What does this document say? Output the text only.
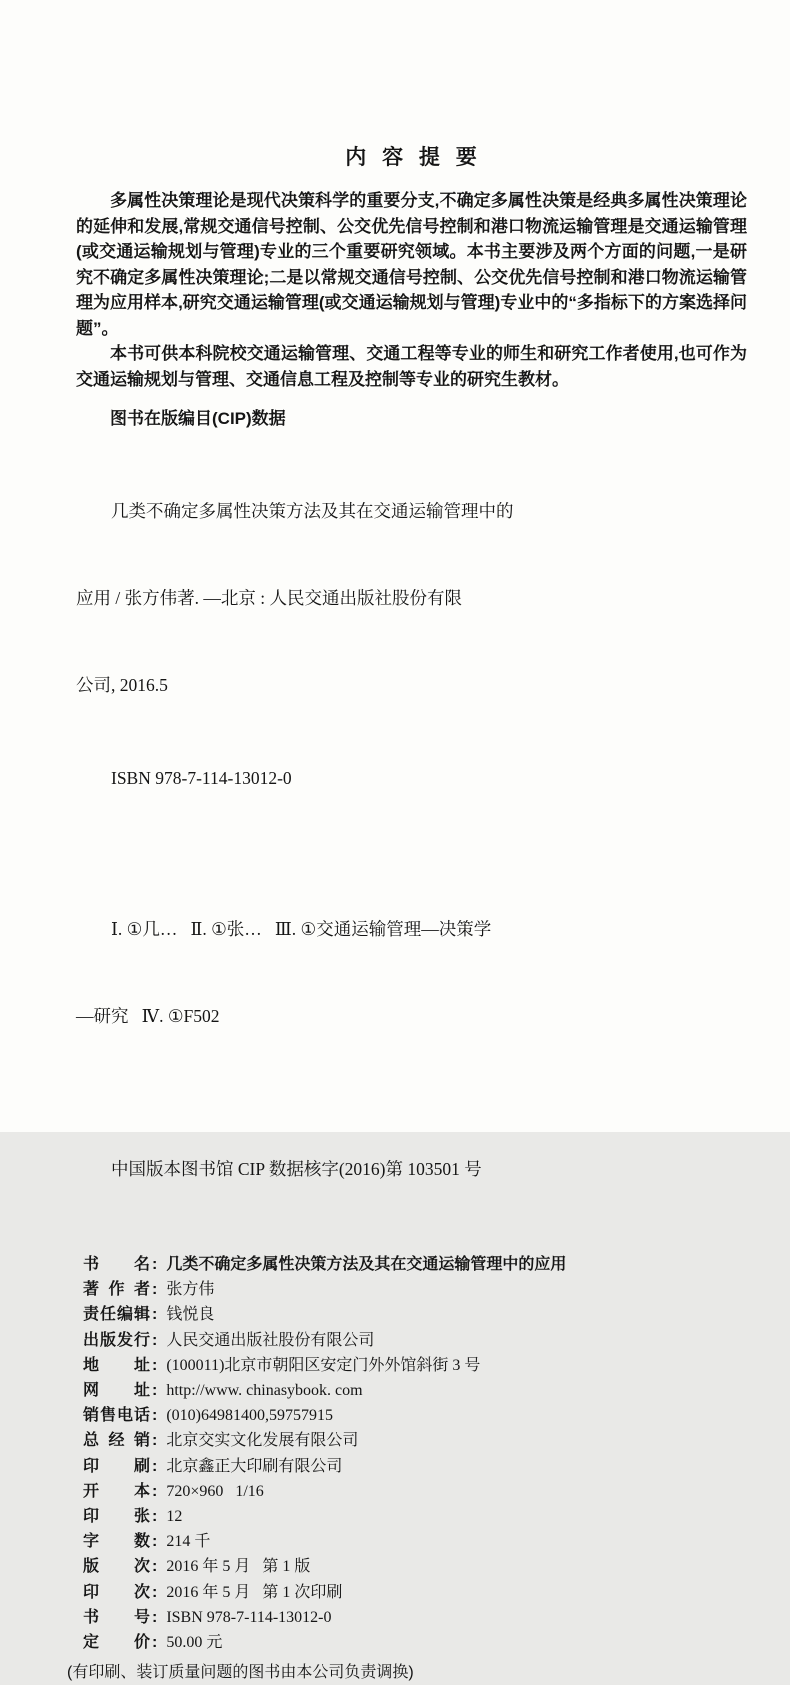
内 容 提 要

多属性决策理论是现代决策科学的重要分支,不确定多属性决策是经典多属性决策理论的延伸和发展,常规交通信号控制、公交优先信号控制和港口物流运输管理是交通运输管理(或交通运输规划与管理)专业的三个重要研究领域。本书主要涉及两个方面的问题,一是研究不确定多属性决策理论;二是以常规交通信号控制、公交优先信号控制和港口物流运输管理为应用样本,研究交通运输管理(或交通运输规划与管理)专业中的“多指标下的方案选择问题”。

本书可供本科院校交通运输管理、交通工程等专业的师生和研究工作者使用,也可作为交通运输规划与管理、交通信息工程及控制等专业的研究生教材。

图书在版编目(CIP)数据

几类不确定多属性决策方法及其在交通运输管理中的

应用 / 张方伟著. —北京 : 人民交通出版社股份有限

公司, 2016.5

ISBN 978-7-114-13012-0

Ⅰ. ①几…   Ⅱ. ①张…   Ⅲ. ①交通运输管理—决策学

—研究   Ⅳ. ①F502

中国版本图书馆 CIP 数据核字(2016)第 103501 号

书名 : 几类不确定多属性决策方法及其在交通运输管理中的应用
著作者 : 张方伟
责任编辑 : 钱悦良
出版发行 : 人民交通出版社股份有限公司
地址 : (100011)北京市朝阳区安定门外外馆斜街 3 号
网址 : http://www. chinasybook. com
销售电话 : (010)64981400,59757915
总经销 : 北京交实文化发展有限公司
印刷 : 北京鑫正大印刷有限公司
开本 : 720×960   1/16
印张 : 12
字数 : 214 千
版次 : 2016 年 5 月   第 1 版
印次 : 2016 年 5 月   第 1 次印刷
书号 : ISBN 978-7-114-13012-0
定价 : 50.00 元
(有印刷、装订质量问题的图书由本公司负责调换)
